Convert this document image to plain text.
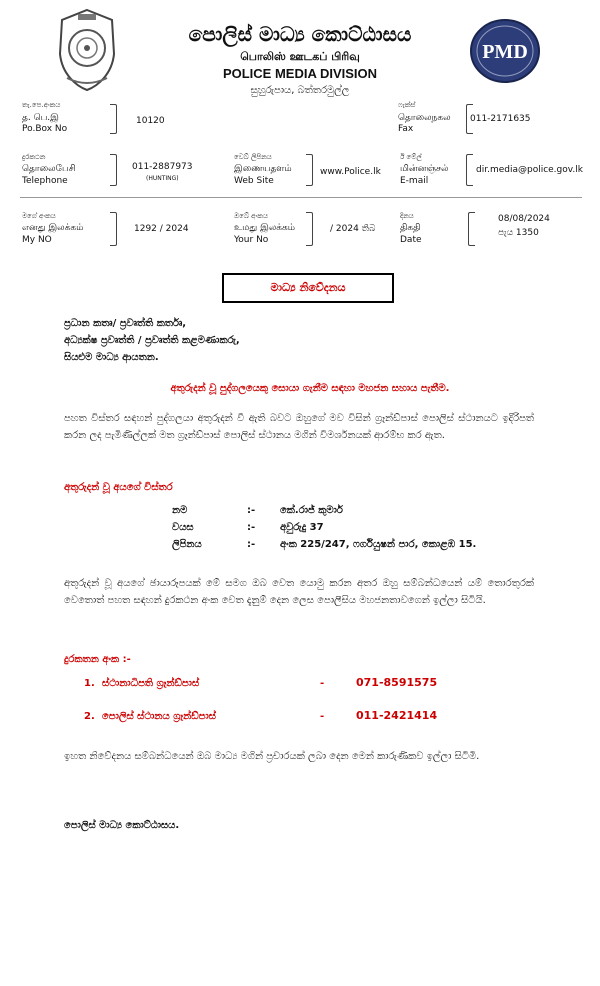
පොලිස් මාධ්‍ය කොට්ඨාසය
பொலிஸ் ஊடகப் பிரிவு
POLICE MEDIA DIVISION
සුහුරුපාය, බත්තරමුල්ල
PMD
තැ.පෙ.අංකය
த. பெ.இ
Po.Box No
10120
ෆැක්ස්
தொலைநகல
Fax
011-2171635
දුරකථන
தொலைபேசி
Telephone
011-2887973
(HUNTING)
වෙබ් ලිපිනය
இணையதளம்
Web Site
www.Police.lk
ඊ මේල්
மின்னஞ்சல்
E-mail
dir.media@police.gov.lk
මගේ අංකය
எனது இலக்கம்
My NO
1292 / 2024
ඔබේ අංකය
உமது இலக்கம்
Your No
/ 2024 තිබ
දිනය
திகதி
Date
08/08/2024
පැය 1350
මාධ්‍ය නිවේදනය
ප්‍රධාන කතෘ/ ප්‍රවෘත්ති කර්තෘ,
අධ්‍යක්ෂ ප්‍රවෘත්ති / ප්‍රවෘත්ති කළමණාකරු,
සියළුම මාධ්‍ය ආයතන.
අතුරුදන් වූ පුද්ගලයෙකු සොයා ගැනීම සඳහා මහජන සහාය පැතීම.
පහත විස්තර සඳහන් පුද්ගලයා අතුරුදන් වී ඇති බවට ඔහුගේ මව විසින් ග්‍රෑන්ඩ්පාස් පොලිස් ස්ථානයට ඉදිරිපත් කරන ලද පැමිණිල්ලක් මත ග්‍රෑන්ඩ්පාස් පොලිස් ස්ථානය මගින් විමර්ශනයක් ආරම්භ කර ඇත.
අතුරුදන් වූ අයගේ විස්තර
නම	:- කේ.රාජ් කුමාර්
වයස	:- අවුරුදු 37
ලිපිනය	:- අංක 225/247, ෆර්ගියුෂන් පාර, කොළඹ 15.
අතුරුදන් වූ අයගේ ඡායාරූපයක් මේ සමග ඔබ වෙත යොමු කරන අතර ඔහු සම්බන්ධයෙන් යම් තොරතුරක් වෙතොත් පහත සඳහන් දුරකථන අංක වෙත දැනුම් දෙන ලෙස පොලීසිය මහජනතාවගෙන් ඉල්ලා සිටියි.
දුරකතන අංක :-
1. ස්ථානාධිපති ග්‍රෑන්ඩ්පාස්	-	071-8591575
2. පොලිස් ස්ථානය ග්‍රෑන්ඩ්පාස්	-	011-2421414
ඉහත නිවේදනය සම්බන්ධයෙන් ඔබ මාධ්‍ය මගින් ප්‍රචාරයක් ලබා දෙන මෙන් කාරුණිකව ඉල්ලා සිටිමි.
පොලිස් මාධ්‍ය කොට්ඨාසය.
